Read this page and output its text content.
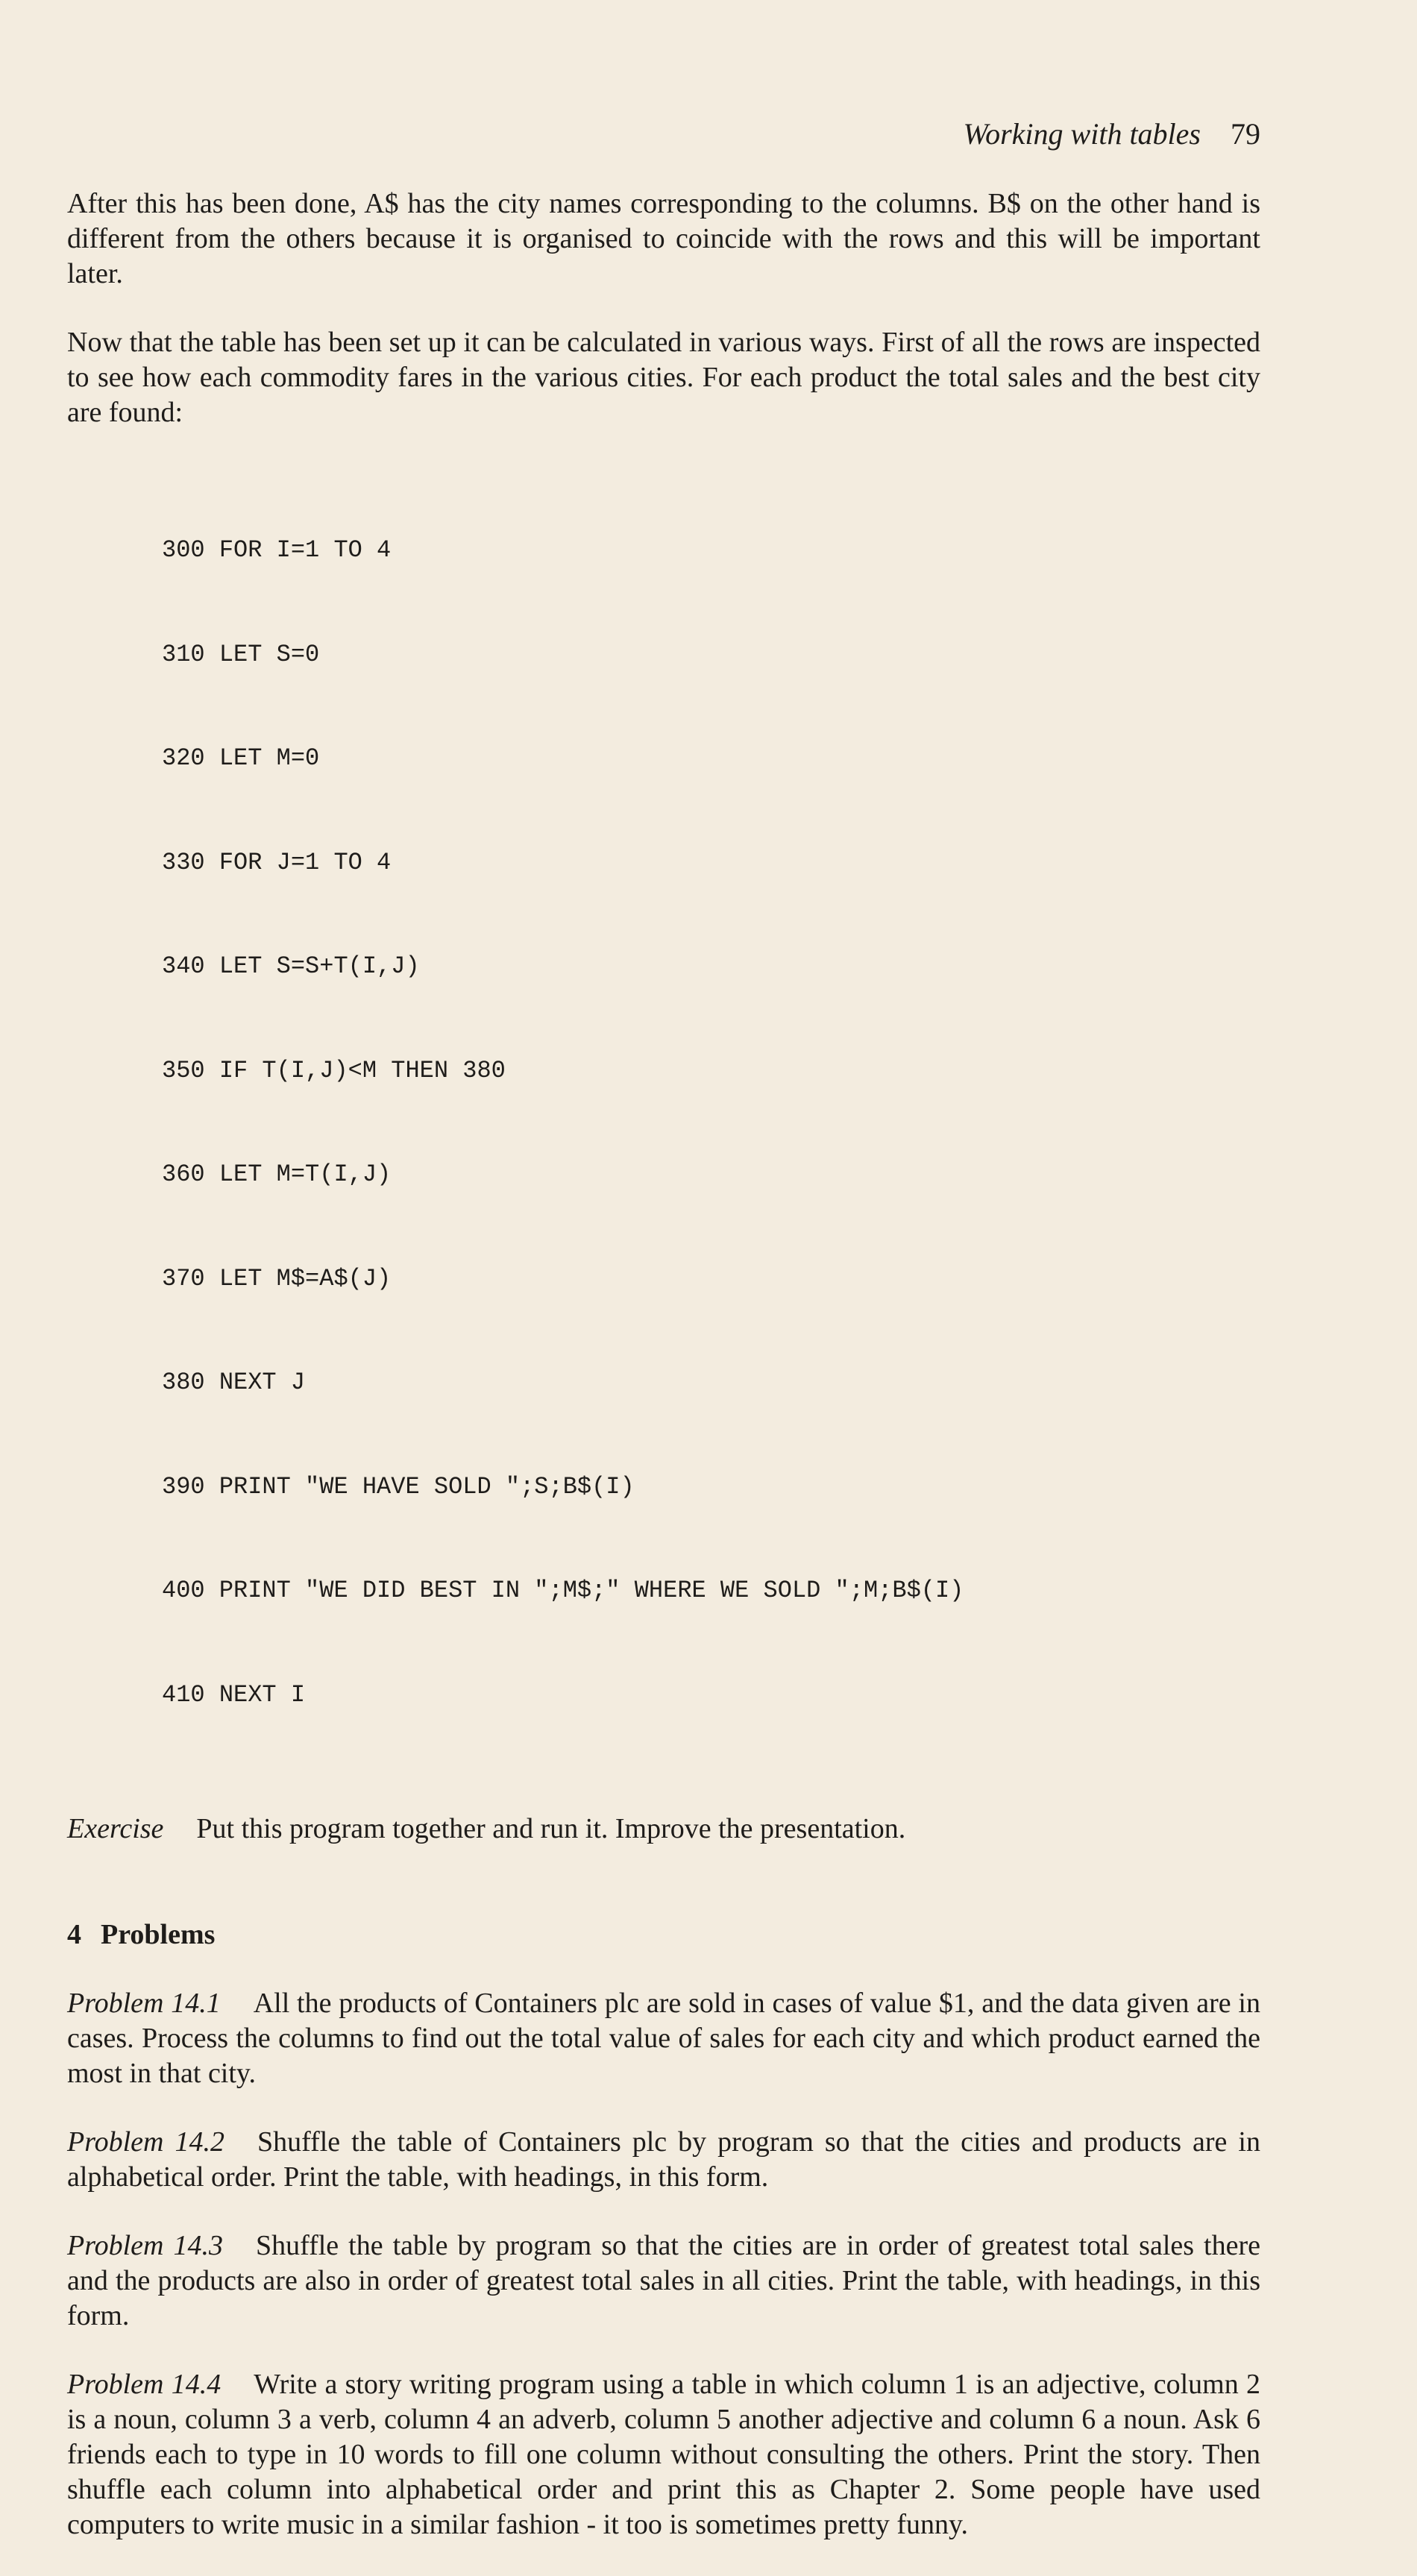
Working with tables 79

After this has been done, A$ has the city names corresponding to the columns. B$ on the other hand is different from the others because it is organised to coincide with the rows and this will be important later.

Now that the table has been set up it can be calculated in various ways. First of all the rows are inspected to see how each commodity fares in the various cities. For each product the total sales and the best city are found:

300 FOR I=1 TO 4

310 LET S=0

320 LET M=0

330 FOR J=1 TO 4

340 LET S=S+T(I,J)

350 IF T(I,J)<M THEN 380

360 LET M=T(I,J)

370 LET M$=A$(J)

380 NEXT J

390 PRINT "WE HAVE SOLD ";S;B$(I)

400 PRINT "WE DID BEST IN ";M$;" WHERE WE SOLD ";M;B$(I)

410 NEXT I

Exercise Put this program together and run it. Improve the presentation.

4 Problems

Problem 14.1 All the products of Containers plc are sold in cases of value $1, and the data given are in cases. Process the columns to find out the total value of sales for each city and which product earned the most in that city.

Problem 14.2 Shuffle the table of Containers plc by program so that the cities and products are in alphabetical order. Print the table, with headings, in this form.

Problem 14.3 Shuffle the table by program so that the cities are in order of greatest total sales there and the products are also in order of greatest total sales in all cities. Print the table, with headings, in this form.

Problem 14.4 Write a story writing program using a table in which column 1 is an adjective, column 2 is a noun, column 3 a verb, column 4 an adverb, column 5 another adjective and column 6 a noun. Ask 6 friends each to type in 10 words to fill one column without consulting the others. Print the story. Then shuffle each column into alphabetical order and print this as Chapter 2. Some people have used computers to write music in a similar fashion - it too is sometimes pretty funny.
